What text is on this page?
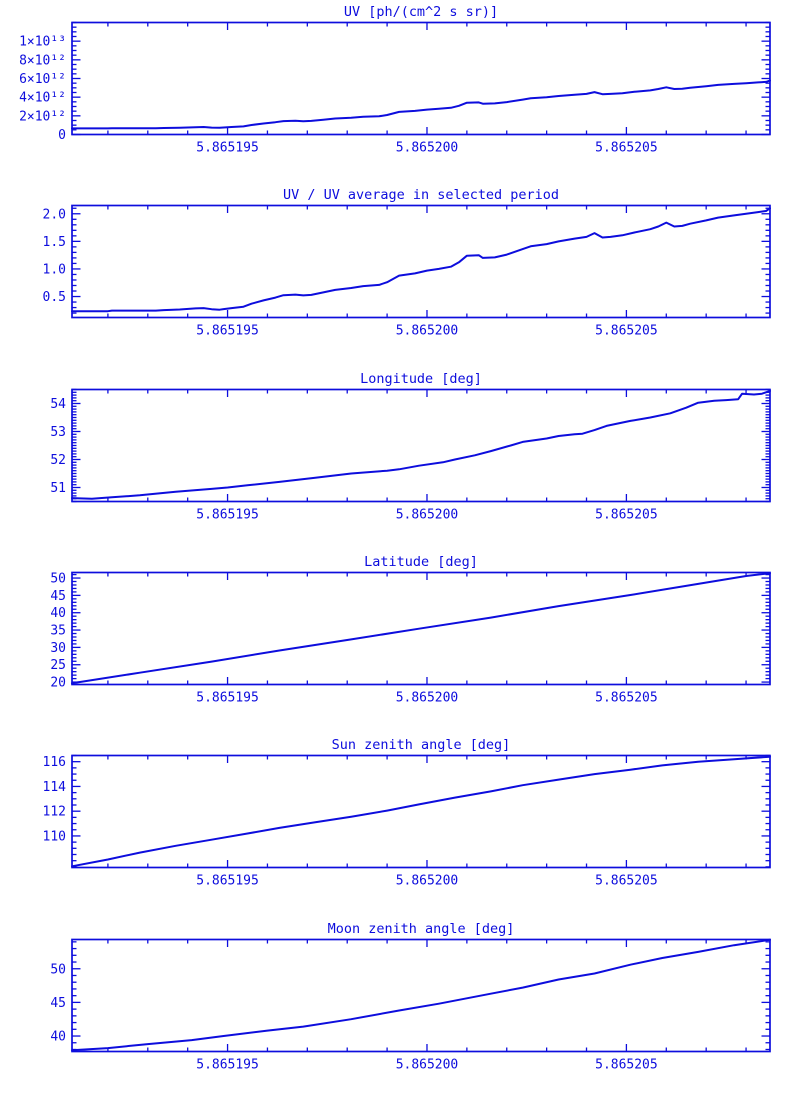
UV [ph/(cm^2 s sr)]
0
2×10¹²
4×10¹²
6×10¹²
8×10¹²
1×10¹³
5.865195	5.865200	5.865205
UV / UV average in selected period
0.5
1.0
1.5
2.0
5.865195	5.865200	5.865205
Longitude [deg]
51
52
53
54
5.865195	5.865200	5.865205
Latitude [deg]
20
25
30
35
40
45
50
5.865195	5.865200	5.865205
Sun zenith angle [deg]
110
112
114
116
5.865195	5.865200	5.865205
Moon zenith angle [deg]
40
45
50
5.865195	5.865200	5.865205
